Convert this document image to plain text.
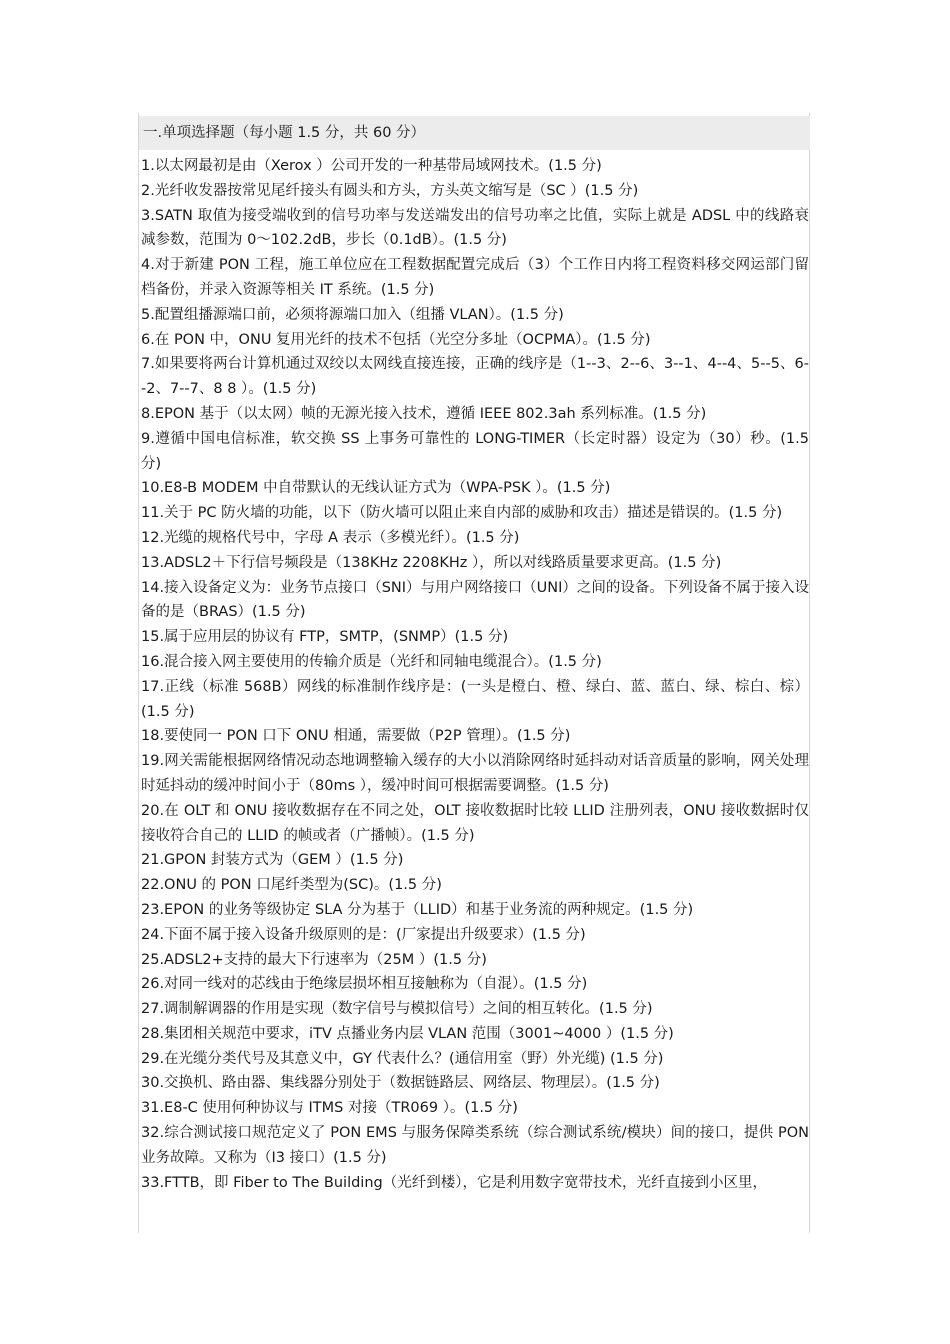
一.单项选择题（每小题 1.5 分，共 60 分）

1.以太网最初是由（Xerox ）公司开发的一种基带局域网技术。(1.5 分)

2.光纤收发器按常见尾纤接头有圆头和方头，方头英文缩写是（SC ）(1.5 分)

3.SATN 取值为接受端收到的信号功率与发送端发出的信号功率之比值，实际上就是 ADSL 中的线路衰减参数，范围为 0～102.2dB，步长（0.1dB）。(1.5 分)

4.对于新建 PON 工程，施工单位应在工程数据配置完成后（3）个工作日内将工程资料移交网运部门留档备份，并录入资源等相关 IT 系统。(1.5 分)

5.配置组播源端口前，必须将源端口加入（组播 VLAN）。(1.5 分)

6.在 PON 中，ONU 复用光纤的技术不包括（光空分多址（OCPMA）。(1.5 分)

7.如果要将两台计算机通过双绞以太网线直接连接，正确的线序是（1--3、2--6、3--1、4--4、5--5、6--2、7--7、8 8 ）。(1.5 分)

8.EPON 基于（以太网）帧的无源光接入技术，遵循 IEEE 802.3ah 系列标准。(1.5 分)

9.遵循中国电信标准，软交换 SS 上事务可靠性的 LONG-TIMER（长定时器）设定为（30）秒。(1.5 分)

10.E8-B MODEM 中自带默认的无线认证方式为（WPA-PSK ）。(1.5 分)

11.关于 PC 防火墙的功能，以下（防火墙可以阻止来自内部的威胁和攻击）描述是错误的。(1.5 分)

12.光缆的规格代号中，字母 A 表示（多模光纤）。(1.5 分)

13.ADSL2＋下行信号频段是（138KHz 2208KHz ），所以对线路质量要求更高。(1.5 分)

14.接入设备定义为：业务节点接口（SNI）与用户网络接口（UNI）之间的设备。下列设备不属于接入设备的是（BRAS）(1.5 分)

15.属于应用层的协议有 FTP，SMTP，(SNMP）(1.5 分)

16.混合接入网主要使用的传输介质是（光纤和同轴电缆混合）。(1.5 分)

17.正线（标准 568B）网线的标准制作线序是：(一头是橙白、橙、绿白、蓝、蓝白、绿、棕白、棕）(1.5 分)

18.要使同一 PON 口下 ONU 相通，需要做（P2P 管理）。(1.5 分)

19.网关需能根据网络情况动态地调整输入缓存的大小以消除网络时延抖动对话音质量的影响，网关处理时延抖动的缓冲时间小于（80ms ），缓冲时间可根据需要调整。(1.5 分)

20.在 OLT 和 ONU 接收数据存在不同之处，OLT 接收数据时比较 LLID 注册列表，ONU 接收数据时仅接收符合自己的 LLID 的帧或者（广播帧）。(1.5 分)

21.GPON 封装方式为（GEM ）(1.5 分)

22.ONU 的 PON 口尾纤类型为(SC)。(1.5 分)

23.EPON 的业务等级协定 SLA 分为基于（LLID）和基于业务流的两种规定。(1.5 分)

24.下面不属于接入设备升级原则的是：(厂家提出升级要求）(1.5 分)

25.ADSL2+支持的最大下行速率为（25M ）(1.5 分)

26.对同一线对的芯线由于绝缘层损坏相互接触称为（自混）。(1.5 分)

27.调制解调器的作用是实现（数字信号与模拟信号）之间的相互转化。(1.5 分)

28.集团相关规范中要求，iTV 点播业务内层 VLAN 范围（3001~4000 ）(1.5 分)

29.在光缆分类代号及其意义中，GY 代表什么？(通信用室（野）外光缆) (1.5 分)

30.交换机、路由器、集线器分别处于（数据链路层、网络层、物理层）。(1.5 分)

31.E8-C 使用何种协议与 ITMS 对接（TR069 ）。(1.5 分)

32.综合测试接口规范定义了 PON EMS 与服务保障类系统（综合测试系统/模块）间的接口，提供 PON 业务故障。又称为（I3 接口）(1.5 分)

33.FTTB，即 Fiber to The Building（光纤到楼），它是利用数字宽带技术，光纤直接到小区里，
